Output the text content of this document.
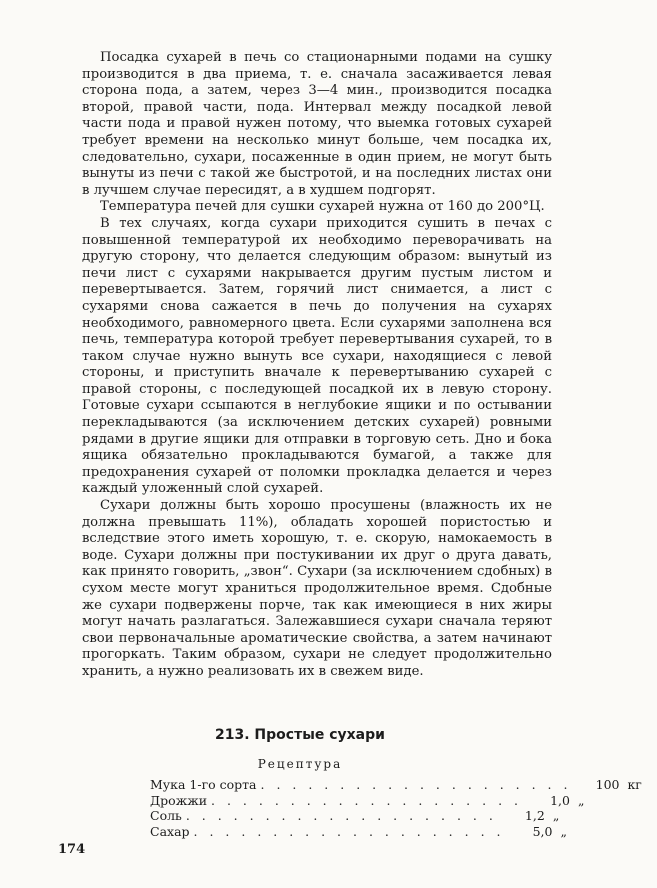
Посадка сухарей в печь со стационарными подами на сушку производится в два приема, т. е. сначала засаживается левая сторона пода, а затем, через 3—4 мин., производится посадка второй, правой части, пода. Интервал между посадкой левой части пода и правой нужен потому, что выемка готовых сухарей требует времени на несколько минут больше, чем посадка их, следовательно, сухари, посаженные в один прием, не могут быть вынуты из печи с такой же быстротой, и на последних листах они в лучшем случае пересидят, а в худшем подгорят.

Температура печей для сушки сухарей нужна от 160 до 200°Ц.

В тех случаях, когда сухари приходится сушить в печах с повышенной температурой их необходимо переворачивать на другую сторону, что делается следующим образом: вынутый из печи лист с сухарями накрывается другим пустым листом и перевертывается. Затем, горячий лист снимается, а лист с сухарями снова сажается в печь до получения на сухарях необходимого, равномерного цвета. Если сухарями заполнена вся печь, температура которой требует перевертывания сухарей, то в таком случае нужно вынуть все сухари, находящиеся с левой стороны, и приступить вначале к перевертыванию сухарей с правой стороны, с последующей посадкой их в левую сторону. Готовые сухари ссыпаются в неглубокие ящики и по остывании перекладываются (за исключением детских сухарей) ровными рядами в другие ящики для отправки в торговую сеть. Дно и бока ящика обязательно прокладываются бумагой, а также для предохранения сухарей от поломки прокладка делается и через каждый уложенный слой сухарей.

Сухари должны быть хорошо просушены (влажность их не должна превышать 11%), обладать хорошей пористостью и вследствие этого иметь хорошую, т. е. скорую, намокаемость в воде. Сухари должны при постукивании их друг о друга давать, как принято говорить, „звон“. Сухари (за исключением сдобных) в сухом месте могут храниться продолжительное время. Сдобные же сухари подвержены порче, так как имеющиеся в них жиры могут начать разлагаться. Залежавшиеся сухари сначала теряют свои первоначальные ароматические свойства, а затем начинают прогоркать. Таким образом, сухари не следует продолжительно хранить, а нужно реализовать их в свежем виде.

213. Простые сухари
Рецептура
Мука 1-го сорта . . . . . . . . . . . . . . . . . . . .	100 кг
Дрожжи . . . . . . . . . . . . . . . . . . . .	1,0 „
Соль . . . . . . . . . . . . . . . . . . . .	1,2 „
Сахар . . . . . . . . . . . . . . . . . . . .	5,0 „
174
